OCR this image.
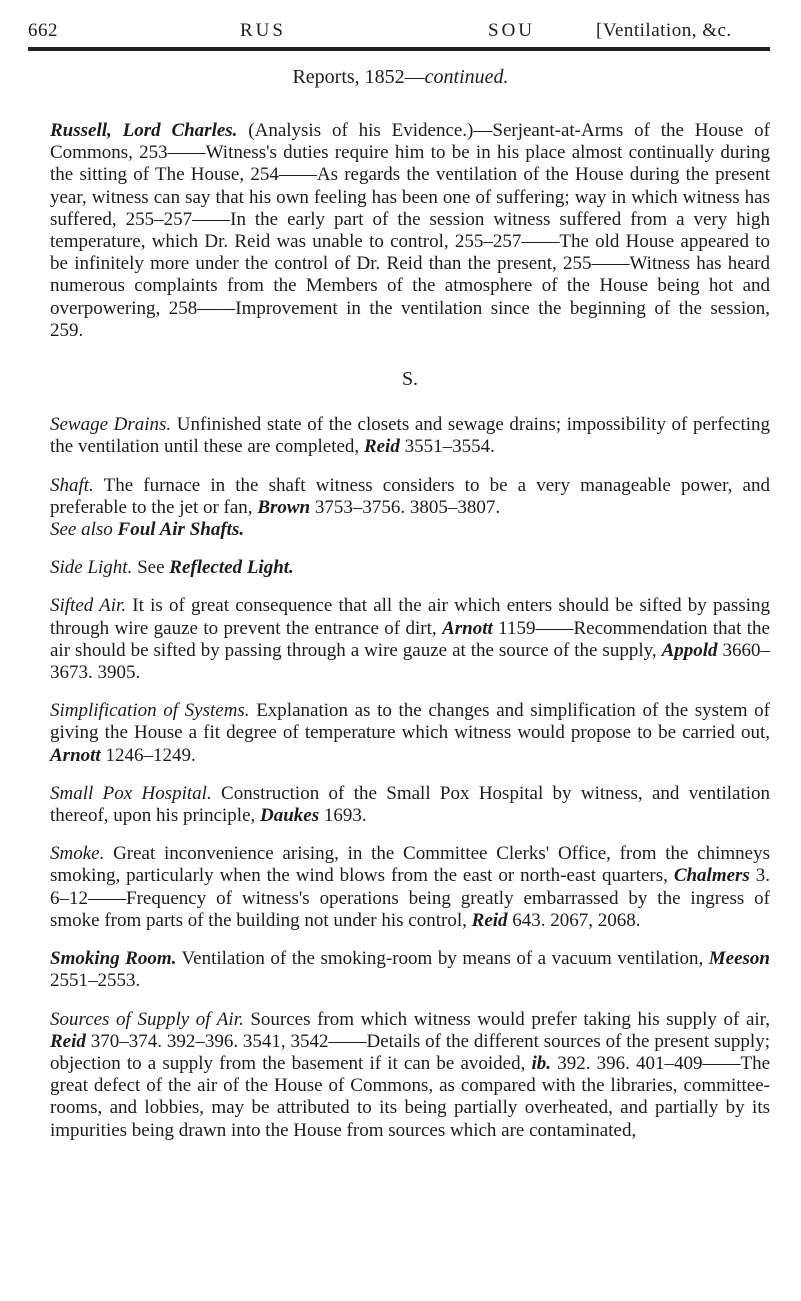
662	RUS	SOU	[Ventilation, &c.
Reports, 1852—continued.

Russell, Lord Charles. (Analysis of his Evidence.)—Serjeant-at-Arms of the House of Commons, 253——Witness's duties require him to be in his place almost continually during the sitting of The House, 254——As regards the ventilation of the House during the present year, witness can say that his own feeling has been one of suffering; way in which witness has suffered, 255–257——In the early part of the session witness suffered from a very high temperature, which Dr. Reid was unable to control, 255–257——The old House appeared to be infinitely more under the control of Dr. Reid than the present, 255——Witness has heard numerous complaints from the Members of the atmosphere of the House being hot and overpowering, 258——Improvement in the ventilation since the beginning of the session, 259.

S.

Sewage Drains. Unfinished state of the closets and sewage drains; impossibility of perfecting the ventilation until these are completed, Reid 3551–3554.

Shaft. The furnace in the shaft witness considers to be a very manageable power, and preferable to the jet or fan, Brown 3753–3756. 3805–3807.
See also Foul Air Shafts.

Side Light. See Reflected Light.

Sifted Air. It is of great consequence that all the air which enters should be sifted by passing through wire gauze to prevent the entrance of dirt, Arnott 1159——Recommendation that the air should be sifted by passing through a wire gauze at the source of the supply, Appold 3660–3673. 3905.

Simplification of Systems. Explanation as to the changes and simplification of the system of giving the House a fit degree of temperature which witness would propose to be carried out, Arnott 1246–1249.

Small Pox Hospital. Construction of the Small Pox Hospital by witness, and ventilation thereof, upon his principle, Daukes 1693.

Smoke. Great inconvenience arising, in the Committee Clerks' Office, from the chimneys smoking, particularly when the wind blows from the east or north-east quarters, Chalmers 3. 6–12——Frequency of witness's operations being greatly embarrassed by the ingress of smoke from parts of the building not under his control, Reid 643. 2067, 2068.

Smoking Room. Ventilation of the smoking-room by means of a vacuum ventilation, Meeson 2551–2553.

Sources of Supply of Air. Sources from which witness would prefer taking his supply of air, Reid 370–374. 392–396. 3541, 3542——Details of the different sources of the present supply; objection to a supply from the basement if it can be avoided, ib. 392. 396. 401–409——The great defect of the air of the House of Commons, as compared with the libraries, committee-rooms, and lobbies, may be attributed to its being partially overheated, and partially by its impurities being drawn into the House from sources which are contaminated,
